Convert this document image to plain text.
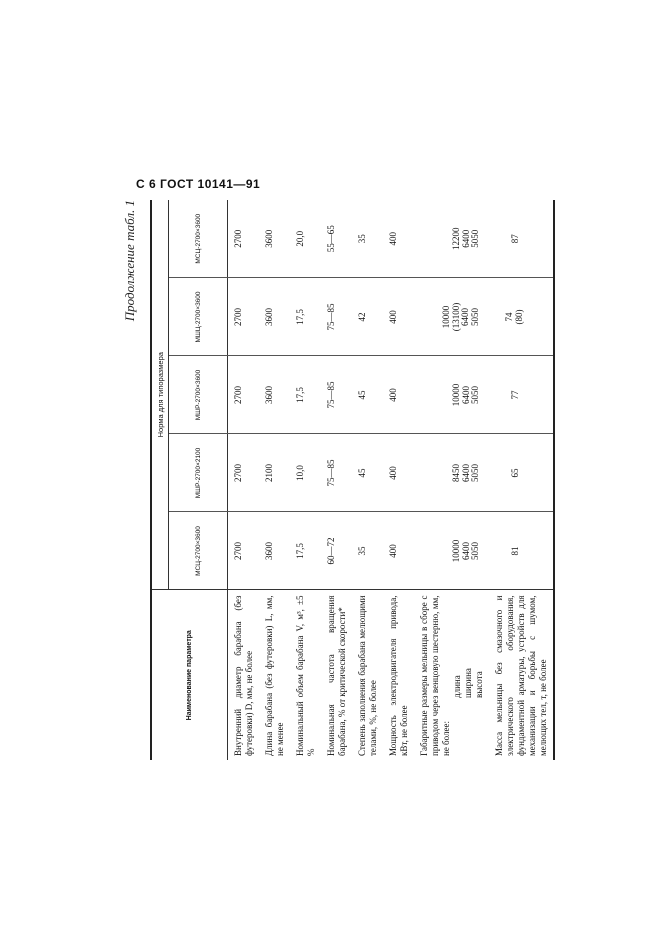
С 6 ГОСТ 10141—91
Продолжение табл. 1
Наименование параметра	Норма для типоразмера				
	МСЦ-2700×3600	МШР-2700×2100	МШР-2700×3600	МШЦ-2700×3600	МСЦ-2700×3600
Внутренний диаметр барабана (без футеровки) D, мм, не более	2700	2700	2700	2700	2700
Длина барабана (без футеровки) L, мм, не менее	3600	2100	3600	3600	3600
Номинальный объем барабана V, м³, ±5 %	17,5	10,0	17,5	17,5	20,0
Номинальная частота вращения барабана, % от критической скорости*	60—72	75—85	75—85	75—85	55—65
Степень заполнения барабана мелющими телами, %, не более	35	45	45	42	35
Мощность электродвигателя привода, кВт, не более	400	400	400	400	400
Габаритные размеры мельницы в сборе с приводом через венцовую шестерню, мм, не более:
длина ширина высота	10000 6400 5050	8450 6400 5050	10000 6400 5050	10000 (13100) 6400 5050	12200 6400 5050

Масса мельницы без смазочного и электрического оборудования, фундаментной арматуры, устройств для механизации и борьбы с шумом, мелющих тел, т, не более	81	65	77	74 (80)	87
